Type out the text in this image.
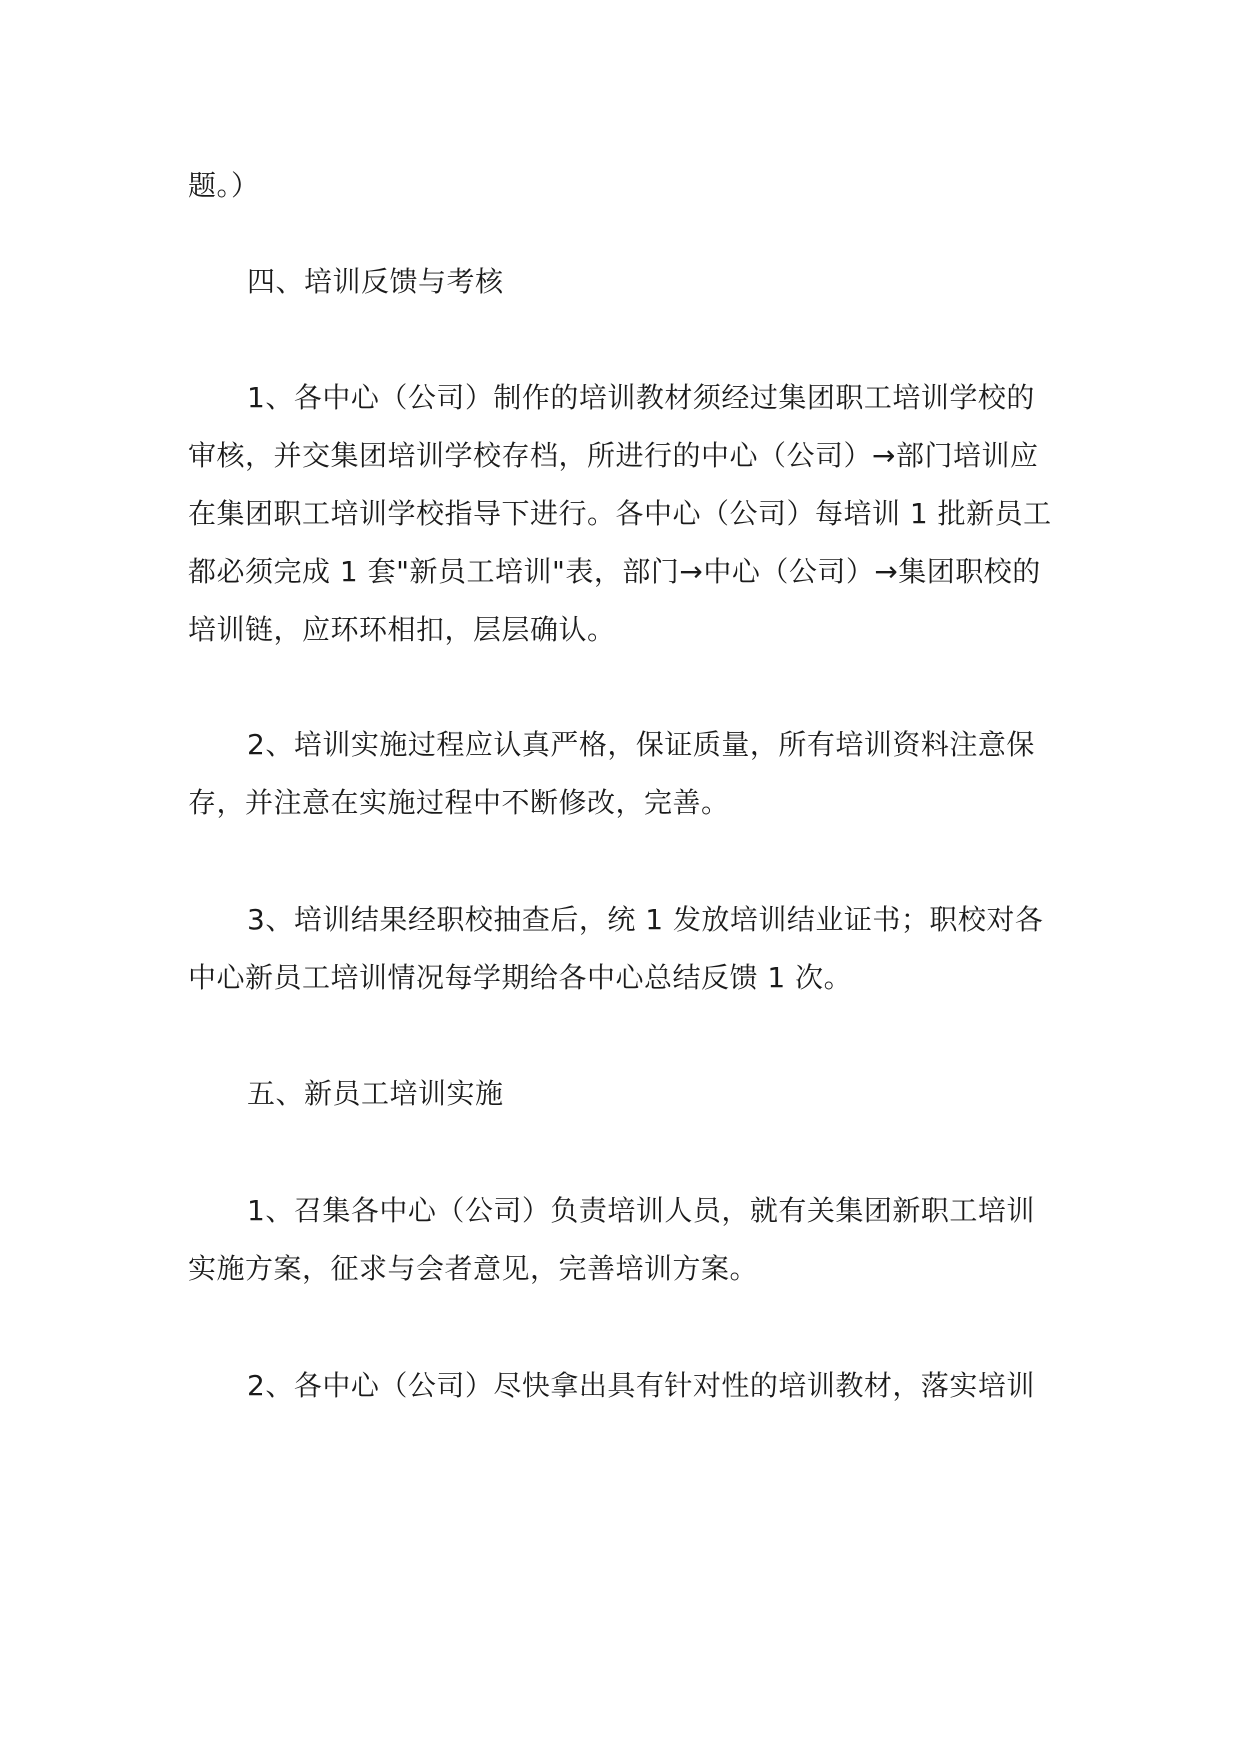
题。）
四、培训反馈与考核
1、各中心（公司）制作的培训教材须经过集团职工培训学校的
审核，并交集团培训学校存档，所进行的中心（公司）→部门培训应
在集团职工培训学校指导下进行。各中心（公司）每培训 1 批新员工
都必须完成 1 套"新员工培训"表，部门→中心（公司）→集团职校的
培训链，应环环相扣，层层确认。
2、培训实施过程应认真严格，保证质量，所有培训资料注意保
存，并注意在实施过程中不断修改，完善。
3、培训结果经职校抽查后，统 1 发放培训结业证书；职校对各
中心新员工培训情况每学期给各中心总结反馈 1 次。
五、新员工培训实施
1、召集各中心（公司）负责培训人员，就有关集团新职工培训
实施方案，征求与会者意见，完善培训方案。
2、各中心（公司）尽快拿出具有针对性的培训教材，落实培训
